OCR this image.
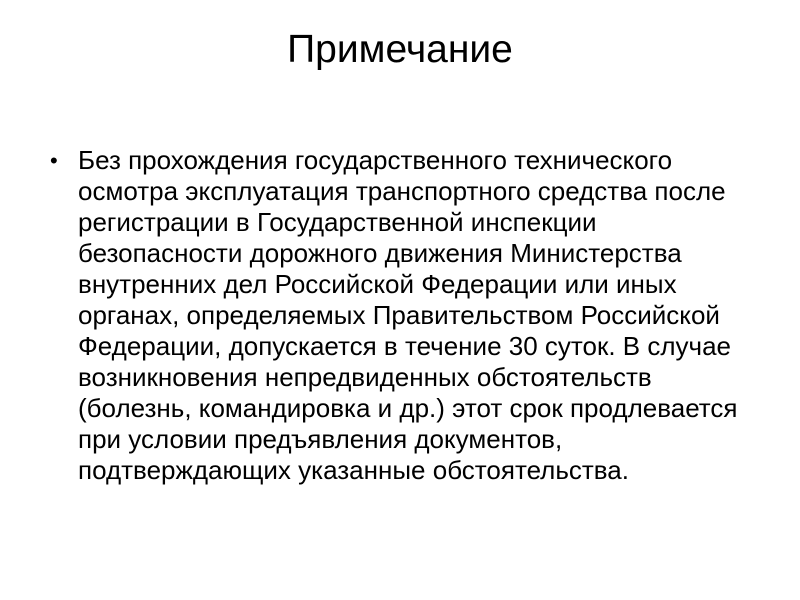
Примечание
• Без прохождения государственного технического осмотра эксплуатация транспортного средства после регистрации в Государственной инспекции безопасности дорожного движения Министерства внутренних дел Российской Федерации или иных органах, определяемых Правительством Российской Федерации, допускается в течение 30 суток. В случае возникновения непредвиденных обстоятельств (болезнь, командировка и др.) этот срок продлевается при условии предъявления документов, подтверждающих указанные обстоятельства.
